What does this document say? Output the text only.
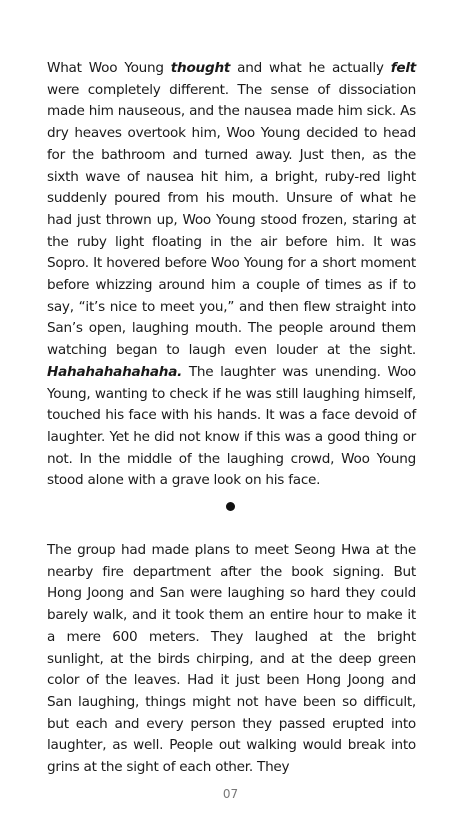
What Woo Young thought and what he actually felt were completely different. The sense of dissociation made him nauseous, and the nausea made him sick. As dry heaves overtook him, Woo Young decided to head for the bathroom and turned away. Just then, as the sixth wave of nausea hit him, a bright, ruby-red light suddenly poured from his mouth. Unsure of what he had just thrown up, Woo Young stood frozen, staring at the ruby light floating in the air before him. It was Sopro. It hovered before Woo Young for a short moment before whizzing around him a couple of times as if to say, “it’s nice to meet you,” and then flew straight into San’s open, laughing mouth. The people around them watching began to laugh even louder at the sight. Hahahahahahaha. The laughter was unending. Woo Young, wanting to check if he was still laughing himself, touched his face with his hands. It was a face devoid of laughter. Yet he did not know if this was a good thing or not. In the middle of the laughing crowd, Woo Young stood alone with a grave look on his face.

The group had made plans to meet Seong Hwa at the nearby fire department after the book signing. But Hong Joong and San were laughing so hard they could barely walk, and it took them an entire hour to make it a mere 600 meters. They laughed at the bright sunlight, at the birds chirping, and at the deep green color of the leaves. Had it just been Hong Joong and San laughing, things might not have been so difficult, but each and every person they passed erupted into laughter, as well. People out walking would break into grins at the sight of each other. They

07
